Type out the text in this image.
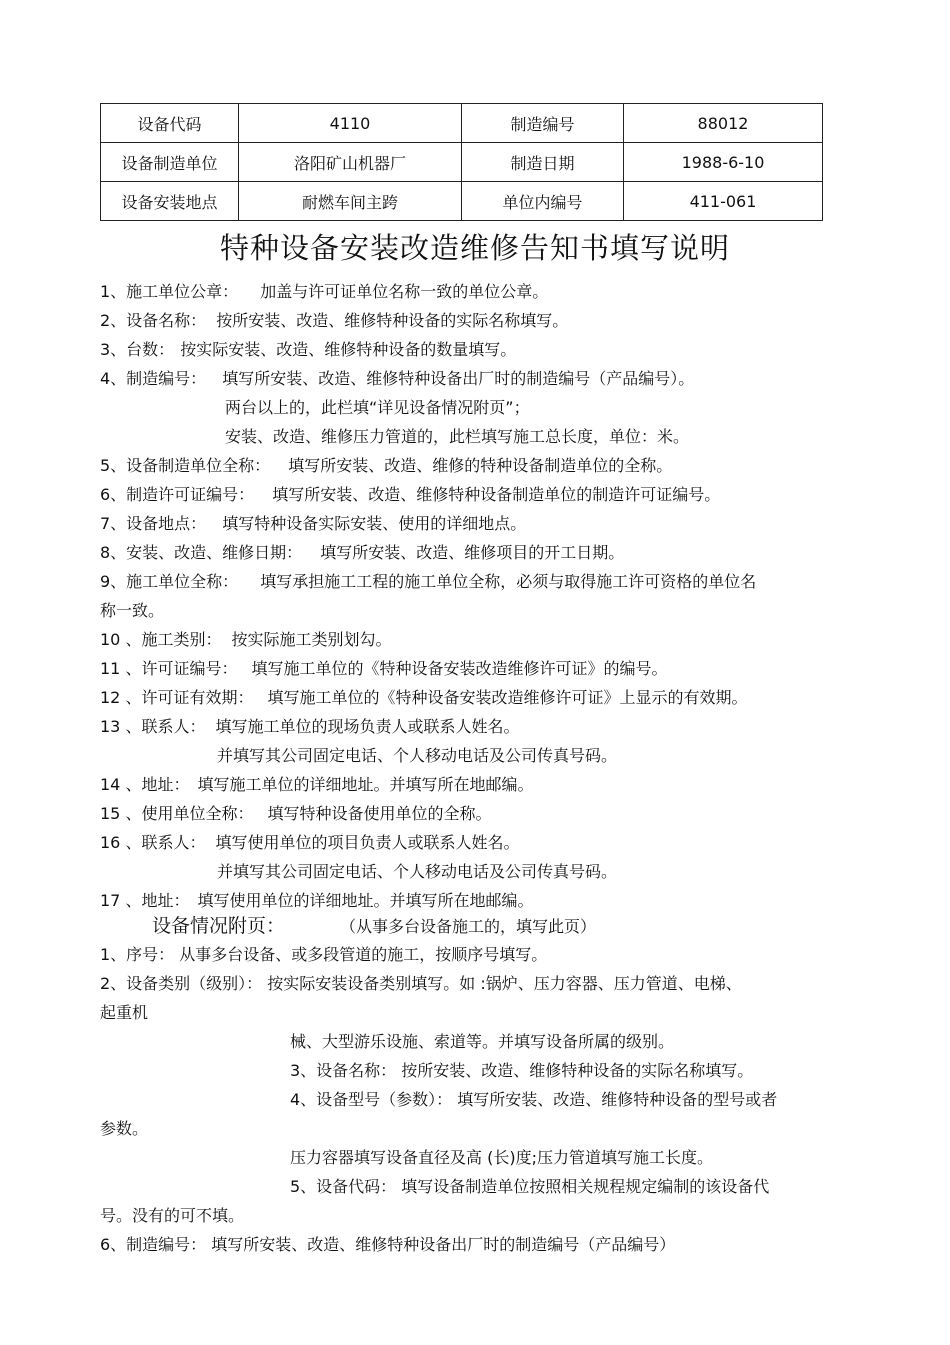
设备代码	4110	制造编号	88012
设备制造单位	洛阳矿山机器厂	制造日期	1988-6-10
设备安装地点	耐燃车间主跨	单位内编号	411-061
特种设备安装改造维修告知书填写说明
1、施工单位公章： 加盖与许可证单位名称一致的单位公章。
2、设备名称： 按所安装、改造、维修特种设备的实际名称填写。
3、台数： 按实际安装、改造、维修特种设备的数量填写。
4、制造编号： 填写所安装、改造、维修特种设备出厂时的制造编号（产品编号）。
两台以上的，此栏填“详见设备情况附页”；
安装、改造、维修压力管道的，此栏填写施工总长度，单位：米。
5、设备制造单位全称： 填写所安装、改造、维修的特种设备制造单位的全称。
6、制造许可证编号： 填写所安装、改造、维修特种设备制造单位的制造许可证编号。
7、设备地点： 填写特种设备实际安装、使用的详细地点。
8、安装、改造、维修日期： 填写所安装、改造、维修项目的开工日期。
9、施工单位全称： 填写承担施工工程的施工单位全称，必须与取得施工许可资格的单位名
称一致。
10 、施工类别： 按实际施工类别划勾。
11 、许可证编号： 填写施工单位的《特种设备安装改造维修许可证》的编号。
12 、许可证有效期： 填写施工单位的《特种设备安装改造维修许可证》上显示的有效期。
13 、联系人： 填写施工单位的现场负责人或联系人姓名。
并填写其公司固定电话、个人移动电话及公司传真号码。
14 、地址： 填写施工单位的详细地址。并填写所在地邮编。
15 、使用单位全称： 填写特种设备使用单位的全称。
16 、联系人： 填写使用单位的项目负责人或联系人姓名。
并填写其公司固定电话、个人移动电话及公司传真号码。
17 、地址： 填写使用单位的详细地址。并填写所在地邮编。
设备情况附页：	（从事多台设备施工的，填写此页）
1、序号： 从事多台设备、或多段管道的施工，按顺序号填写。
2、设备类别（级别）： 按实际安装设备类别填写。如 :锅炉、压力容器、压力管道、电梯、
起重机
械、大型游乐设施、索道等。并填写设备所属的级别。
3、设备名称： 按所安装、改造、维修特种设备的实际名称填写。
4、设备型号（参数）： 填写所安装、改造、维修特种设备的型号或者
参数。
压力容器填写设备直径及高 (长)度;压力管道填写施工长度。
5、设备代码： 填写设备制造单位按照相关规程规定编制的该设备代
号。没有的可不填。
6、制造编号： 填写所安装、改造、维修特种设备出厂时的制造编号（产品编号）
